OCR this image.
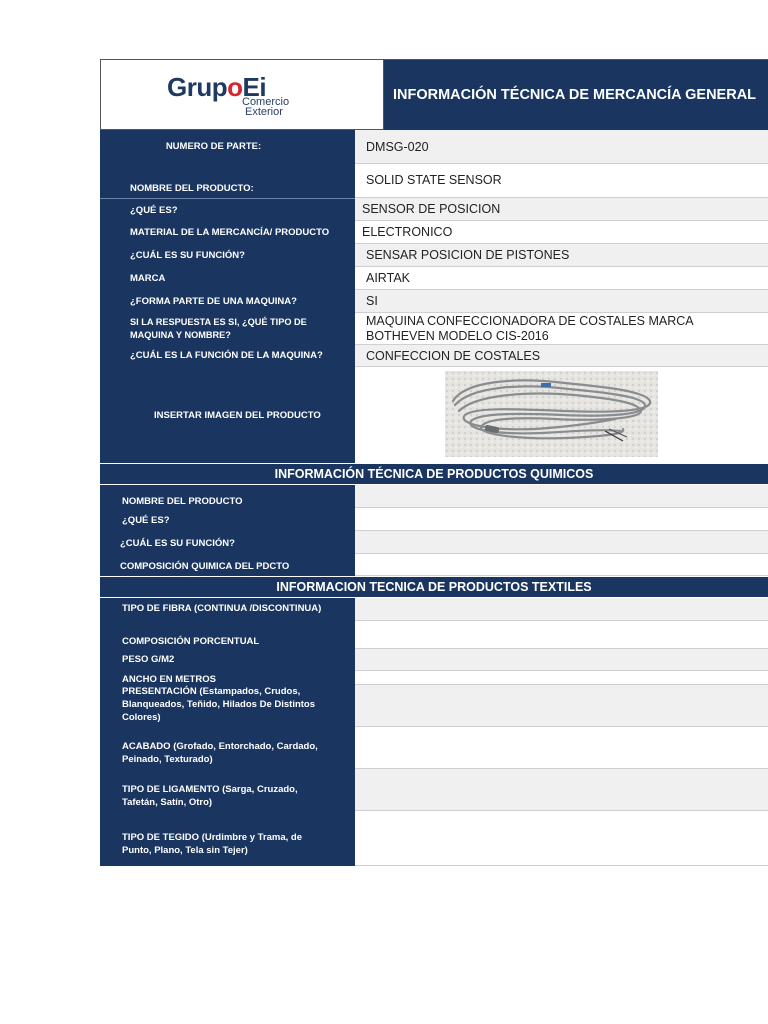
GrupoEi
Comercio
Exterior
INFORMACIÓN TÉCNICA DE MERCANCÍA GENERAL
NUMERO DE PARTE:	DMSG-020
NOMBRE DEL PRODUCTO:
SOLID STATE SENSOR
¿QUÉ ES?	SENSOR DE POSICION
MATERIAL DE LA MERCANCÍA/ PRODUCTO	ELECTRONICO
¿CUÁL ES SU FUNCIÓN?	SENSAR POSICION DE PISTONES
MARCA	AIRTAK
¿FORMA PARTE DE UNA MAQUINA?	SI
SI LA RESPUESTA ES SI, ¿QUÉ TIPO DE MAQUINA Y NOMBRE?
MAQUINA CONFECCIONADORA DE COSTALES MARCA BOTHEVEN MODELO CIS-2016
¿CUÁL ES LA FUNCIÓN DE LA MAQUINA?	CONFECCION DE COSTALES
INSERTAR IMAGEN DEL PRODUCTO
INFORMACIÓN TÉCNICA DE PRODUCTOS QUIMICOS
NOMBRE DEL PRODUCTO
¿QUÉ ES?
¿CUÁL ES SU FUNCIÓN?
COMPOSICIÓN QUIMICA DEL PDCTO
INFORMACION TECNICA DE PRODUCTOS TEXTILES
TIPO DE FIBRA (CONTINUA /DISCONTINUA)
COMPOSICIÓN PORCENTUAL
PESO G/M2
ANCHO EN METROS
PRESENTACIÓN (Estampados, Crudos, Blanqueados, Teñido, Hilados De Distintos Colores)
ACABADO (Grofado, Entorchado, Cardado, Peinado, Texturado)
TIPO DE LIGAMENTO (Sarga, Cruzado, Tafetán, Satín, Otro)
TIPO DE TEGIDO (Urdimbre y Trama, de Punto, Plano, Tela sin Tejer)
